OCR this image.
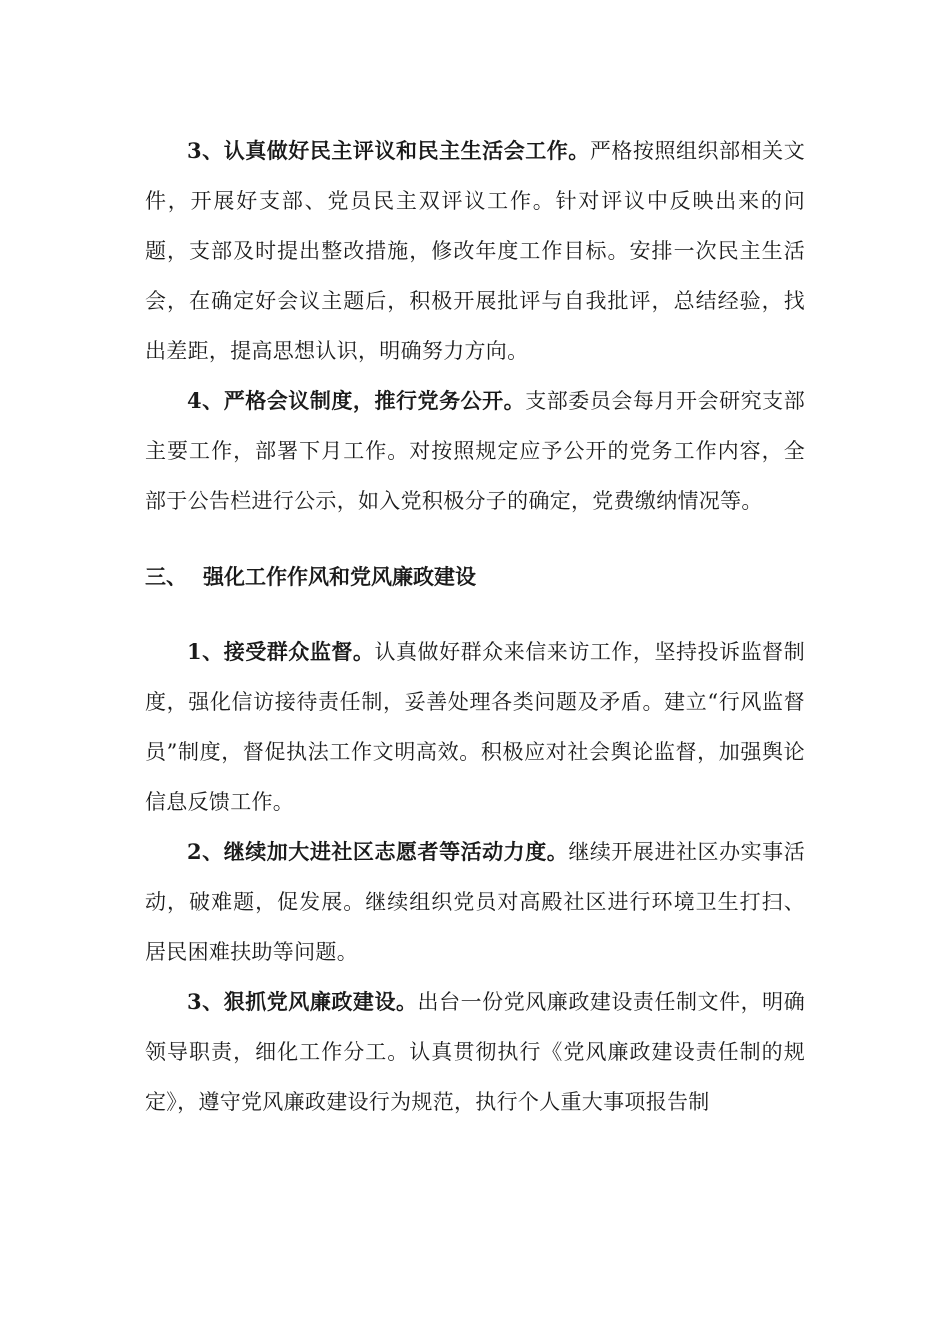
3、认真做好民主评议和民主生活会工作。严格按照组织部相关文件，开展好支部、党员民主双评议工作。针对评议中反映出来的问题，支部及时提出整改措施，修改年度工作目标。安排一次民主生活会，在确定好会议主题后，积极开展批评与自我批评，总结经验，找出差距，提高思想认识，明确努力方向。

4、严格会议制度，推行党务公开。支部委员会每月开会研究支部主要工作，部署下月工作。对按照规定应予公开的党务工作内容，全部于公告栏进行公示，如入党积极分子的确定，党费缴纳情况等。

三、 强化工作作风和党风廉政建设

1、接受群众监督。认真做好群众来信来访工作，坚持投诉监督制度，强化信访接待责任制，妥善处理各类问题及矛盾。建立“行风监督员”制度，督促执法工作文明高效。积极应对社会舆论监督，加强舆论信息反馈工作。

2、继续加大进社区志愿者等活动力度。继续开展进社区办实事活动，破难题，促发展。继续组织党员对高殿社区进行环境卫生打扫、居民困难扶助等问题。

3、狠抓党风廉政建设。出台一份党风廉政建设责任制文件，明确领导职责，细化工作分工。认真贯彻执行《党风廉政建设责任制的规定》，遵守党风廉政建设行为规范，执行个人重大事项报告制
